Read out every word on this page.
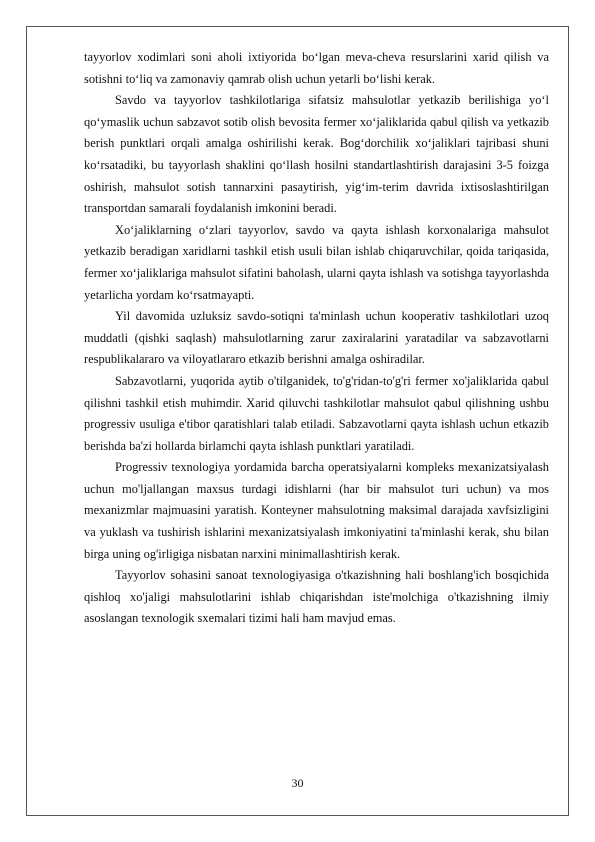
tayyorlov xodimlari soni aholi ixtiyorida bo‘lgan meva-cheva resurslarini xarid qilish va sotishni to‘liq va zamonaviy qamrab olish uchun yetarli bo‘lishi kerak.

Savdo va tayyorlov tashkilotlariga sifatsiz mahsulotlar yetkazib berilishiga yo‘l qo‘ymaslik uchun sabzavot sotib olish bevosita fermer xo‘jaliklarida qabul qilish va yetkazib berish punktlari orqali amalga oshirilishi kerak. Bog‘dorchilik xo‘jaliklari tajribasi shuni ko‘rsatadiki, bu tayyorlash shaklini qo‘llash hosilni standartlashtirish darajasini 3-5 foizga oshirish, mahsulot sotish tannarxini pasaytirish, yig‘im-terim davrida ixtisoslashtirilgan transportdan samarali foydalanish imkonini beradi.

Xo‘jaliklarning o‘zlari tayyorlov, savdo va qayta ishlash korxonalariga mahsulot yetkazib beradigan xaridlarni tashkil etish usuli bilan ishlab chiqaruvchilar, qoida tariqasida, fermer xo‘jaliklariga mahsulot sifatini baholash, ularni qayta ishlash va sotishga tayyorlashda yetarlicha yordam ko‘rsatmayapti.

Yil davomida uzluksiz savdo-sotiqni ta'minlash uchun kooperativ tashkilotlari uzoq muddatli (qishki saqlash) mahsulotlarning zarur zaxiralarini yaratadilar va sabzavotlarni respublikalararo va viloyatlararo etkazib berishni amalga oshiradilar.

Sabzavotlarni, yuqorida aytib o'tilganidek, to'g'ridan-to'g'ri fermer xo'jaliklarida qabul qilishni tashkil etish muhimdir. Xarid qiluvchi tashkilotlar mahsulot qabul qilishning ushbu progressiv usuliga e'tibor qaratishlari talab etiladi. Sabzavotlarni qayta ishlash uchun etkazib berishda ba'zi hollarda birlamchi qayta ishlash punktlari yaratiladi.

Progressiv texnologiya yordamida barcha operatsiyalarni kompleks mexanizatsiyalash uchun mo'ljallangan maxsus turdagi idishlarni (har bir mahsulot turi uchun) va mos mexanizmlar majmuasini yaratish. Konteyner mahsulotning maksimal darajada xavfsizligini va yuklash va tushirish ishlarini mexanizatsiyalash imkoniyatini ta'minlashi kerak, shu bilan birga uning og'irligiga nisbatan narxini minimallashtirish kerak.

Tayyorlov sohasini sanoat texnologiyasiga o'tkazishning hali boshlang'ich bosqichida qishloq xo'jaligi mahsulotlarini ishlab chiqarishdan iste'molchiga o'tkazishning ilmiy asoslangan texnologik sxemalari tizimi hali ham mavjud emas.

30
